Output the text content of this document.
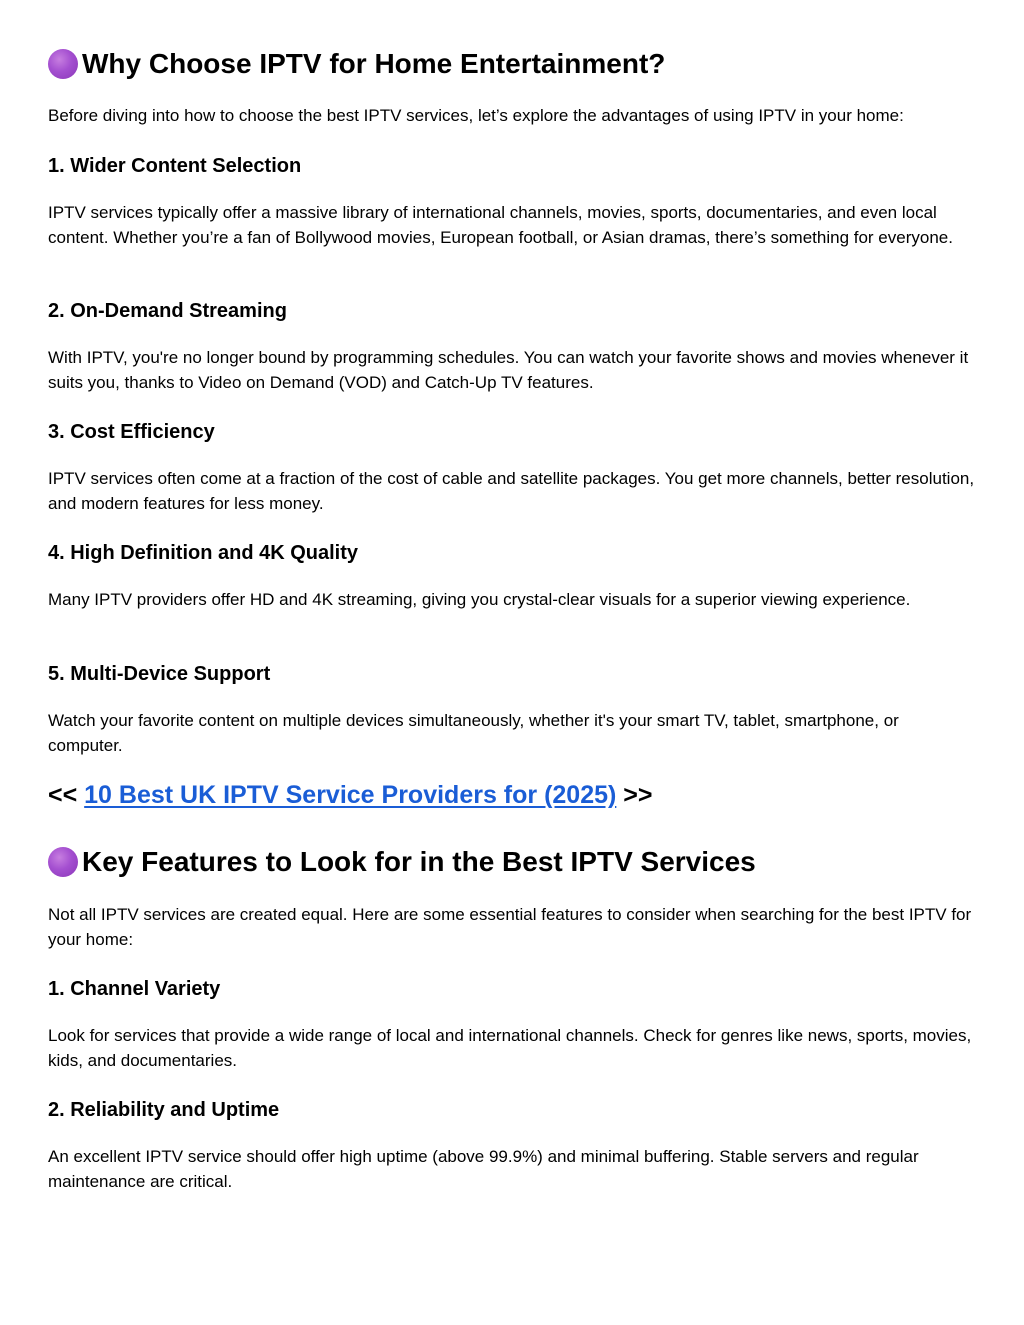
Why Choose IPTV for Home Entertainment?
Before diving into how to choose the best IPTV services, let’s explore the advantages of using IPTV in your home:
1. Wider Content Selection
IPTV services typically offer a massive library of international channels, movies, sports, documentaries, and even local content. Whether you’re a fan of Bollywood movies, European football, or Asian dramas, there’s something for everyone.
2. On-Demand Streaming
With IPTV, you're no longer bound by programming schedules. You can watch your favorite shows and movies whenever it suits you, thanks to Video on Demand (VOD) and Catch-Up TV features.
3. Cost Efficiency
IPTV services often come at a fraction of the cost of cable and satellite packages. You get more channels, better resolution, and modern features for less money.
4. High Definition and 4K Quality
Many IPTV providers offer HD and 4K streaming, giving you crystal-clear visuals for a superior viewing experience.
5. Multi-Device Support
Watch your favorite content on multiple devices simultaneously, whether it's your smart TV, tablet, smartphone, or computer.
<< 10 Best UK IPTV Service Providers for (2025) >>
Key Features to Look for in the Best IPTV Services
Not all IPTV services are created equal. Here are some essential features to consider when searching for the best IPTV for your home:
1. Channel Variety
Look for services that provide a wide range of local and international channels. Check for genres like news, sports, movies, kids, and documentaries.
2. Reliability and Uptime
An excellent IPTV service should offer high uptime (above 99.9%) and minimal buffering. Stable servers and regular maintenance are critical.
